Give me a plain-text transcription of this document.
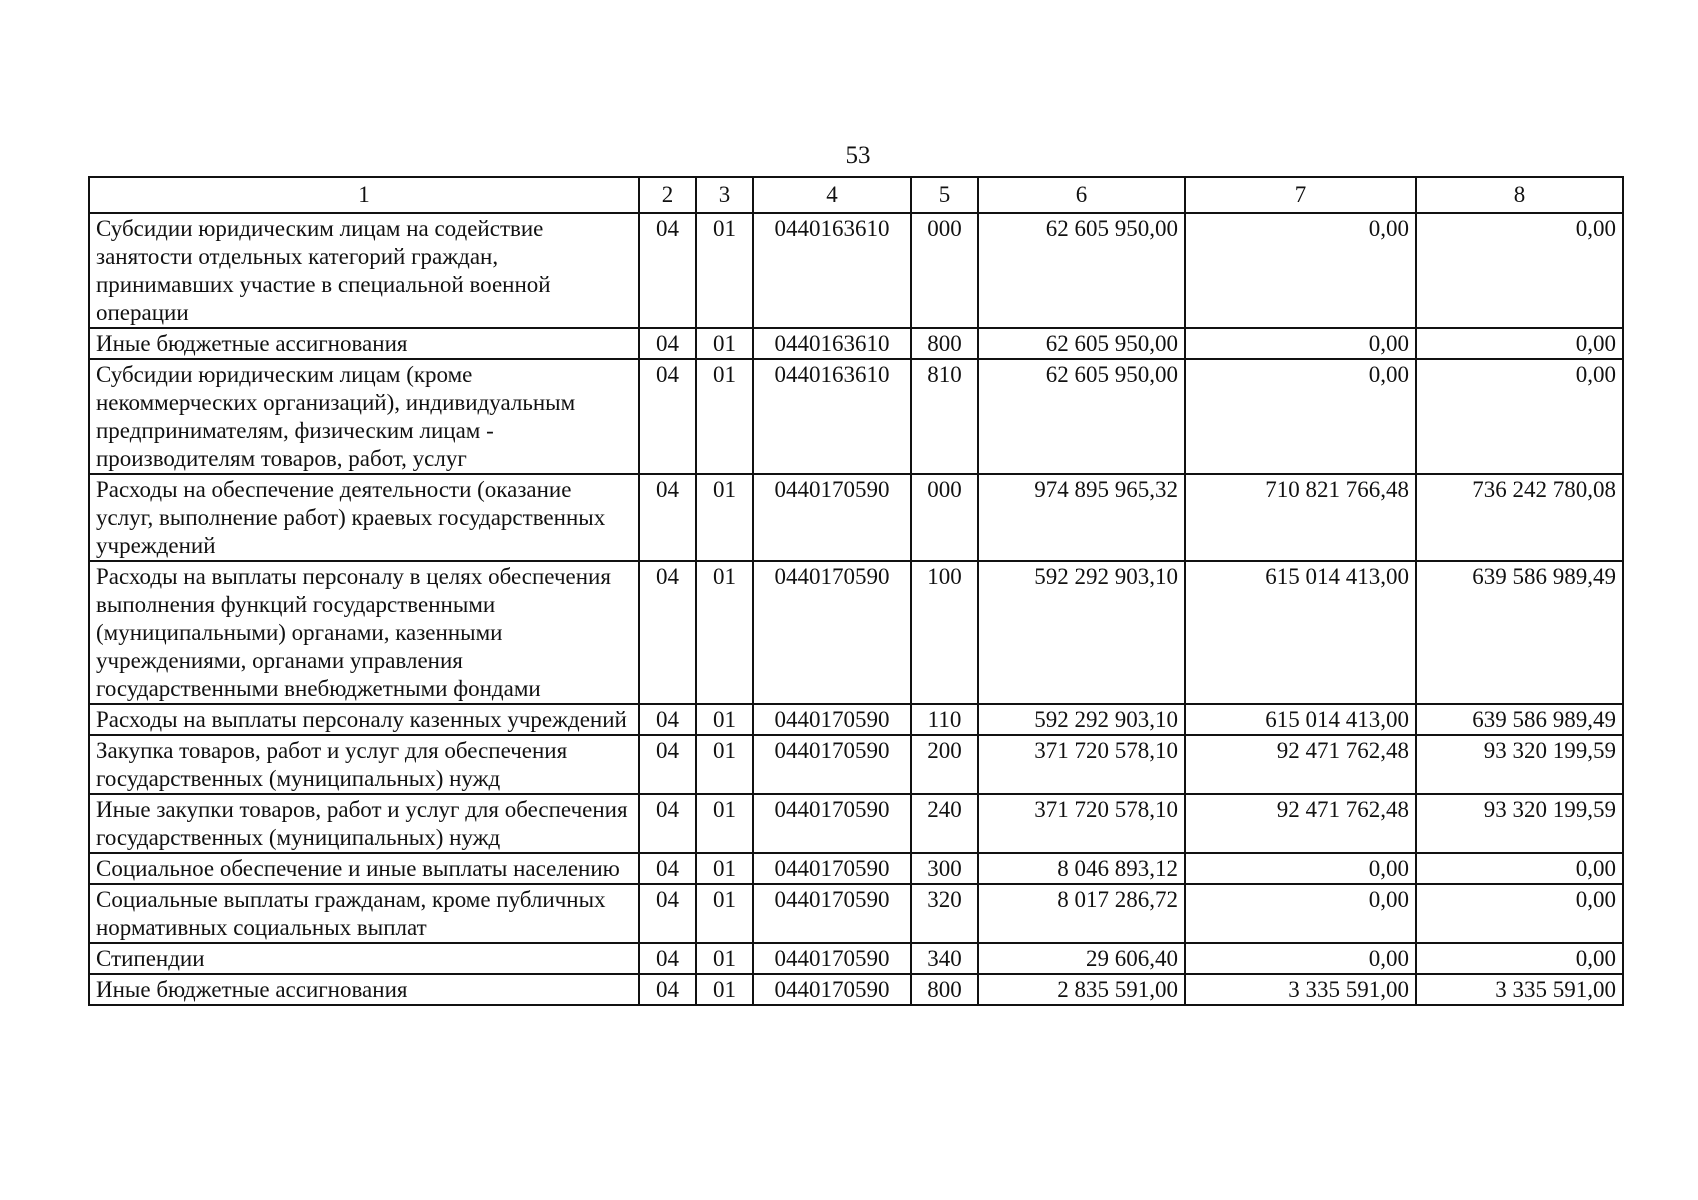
53
1	2	3	4	5	6	7	8
Субсидии юридическим лицам на содействие занятости отдельных категорий граждан, принимавших участие в специальной военной операции	04	01	0440163610	000	62 605 950,00	0,00	0,00
Иные бюджетные ассигнования	04	01	0440163610	800	62 605 950,00	0,00	0,00
Субсидии юридическим лицам (кроме некоммерческих организаций), индивидуальным предпринимателям, физическим лицам - производителям товаров, работ, услуг	04	01	0440163610	810	62 605 950,00	0,00	0,00
Расходы на обеспечение деятельности (оказание услуг, выполнение работ) краевых государственных учреждений	04	01	0440170590	000	974 895 965,32	710 821 766,48	736 242 780,08
Расходы на выплаты персоналу в целях обеспечения выполнения функций государственными (муниципальными) органами, казенными учреждениями, органами управления государственными внебюджетными фондами	04	01	0440170590	100	592 292 903,10	615 014 413,00	639 586 989,49
Расходы на выплаты персоналу казенных учреждений	04	01	0440170590	110	592 292 903,10	615 014 413,00	639 586 989,49
Закупка товаров, работ и услуг для обеспечения государственных (муниципальных) нужд	04	01	0440170590	200	371 720 578,10	92 471 762,48	93 320 199,59
Иные закупки товаров, работ и услуг для обеспечения государственных (муниципальных) нужд	04	01	0440170590	240	371 720 578,10	92 471 762,48	93 320 199,59
Социальное обеспечение и иные выплаты населению	04	01	0440170590	300	8 046 893,12	0,00	0,00
Социальные выплаты гражданам, кроме публичных нормативных социальных выплат	04	01	0440170590	320	8 017 286,72	0,00	0,00
Стипендии	04	01	0440170590	340	29 606,40	0,00	0,00
Иные бюджетные ассигнования	04	01	0440170590	800	2 835 591,00	3 335 591,00	3 335 591,00
